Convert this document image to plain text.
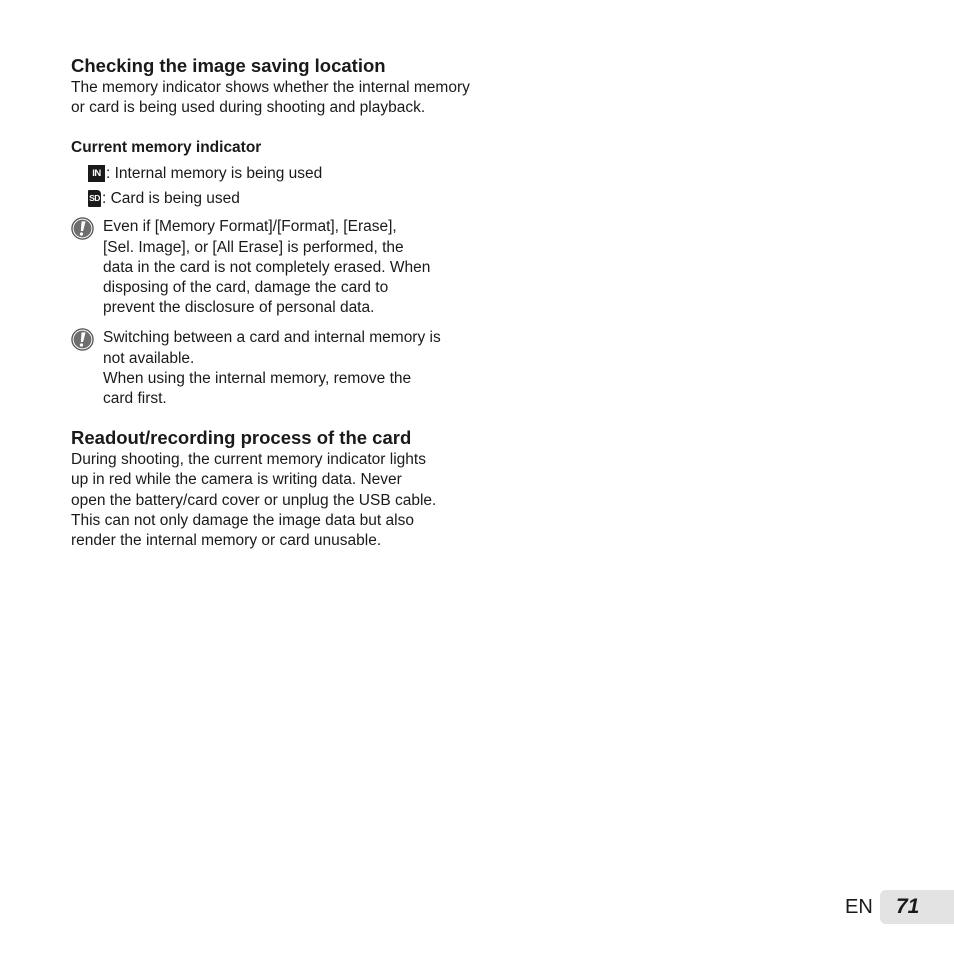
Checking the image saving location

The memory indicator shows whether the internal memory or card is being used during shooting and playback.

Current memory indicator
IN : Internal memory is being used
SD : Card is being used
Even if [Memory Format]/[Format], [Erase],
[Sel. Image], or [All Erase] is performed, the
data in the card is not completely erased. When
disposing of the card, damage the card to
prevent the disclosure of personal data.
Switching between a card and internal memory is
not available.
When using the internal memory, remove the
card first.
Readout/recording process of the card
During shooting, the current memory indicator lights
up in red while the camera is writing data. Never
open the battery/card cover or unplug the USB cable.
This can not only damage the image data but also
render the internal memory or card unusable.
EN 71
